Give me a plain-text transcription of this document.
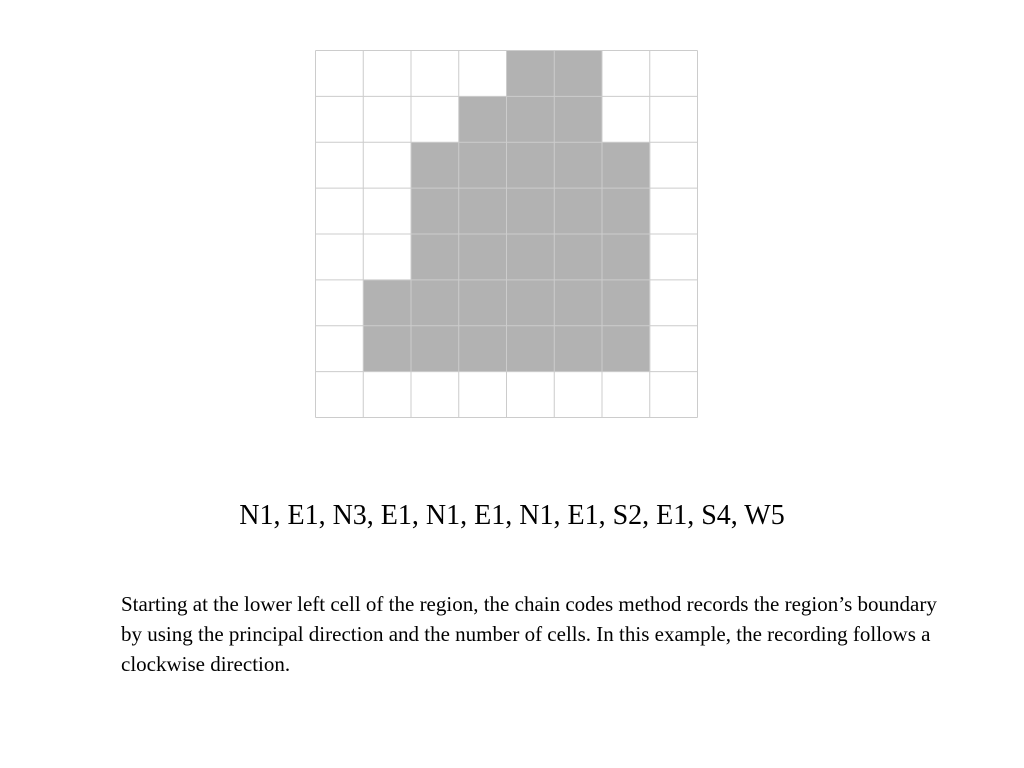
N1, E1, N3, E1, N1, E1, N1, E1, S2, E1, S4, W5
Starting at the lower left cell of the region, the chain codes method records the region’s boundary by using the principal direction and the number of cells. In this example, the recording follows a clockwise direction.
